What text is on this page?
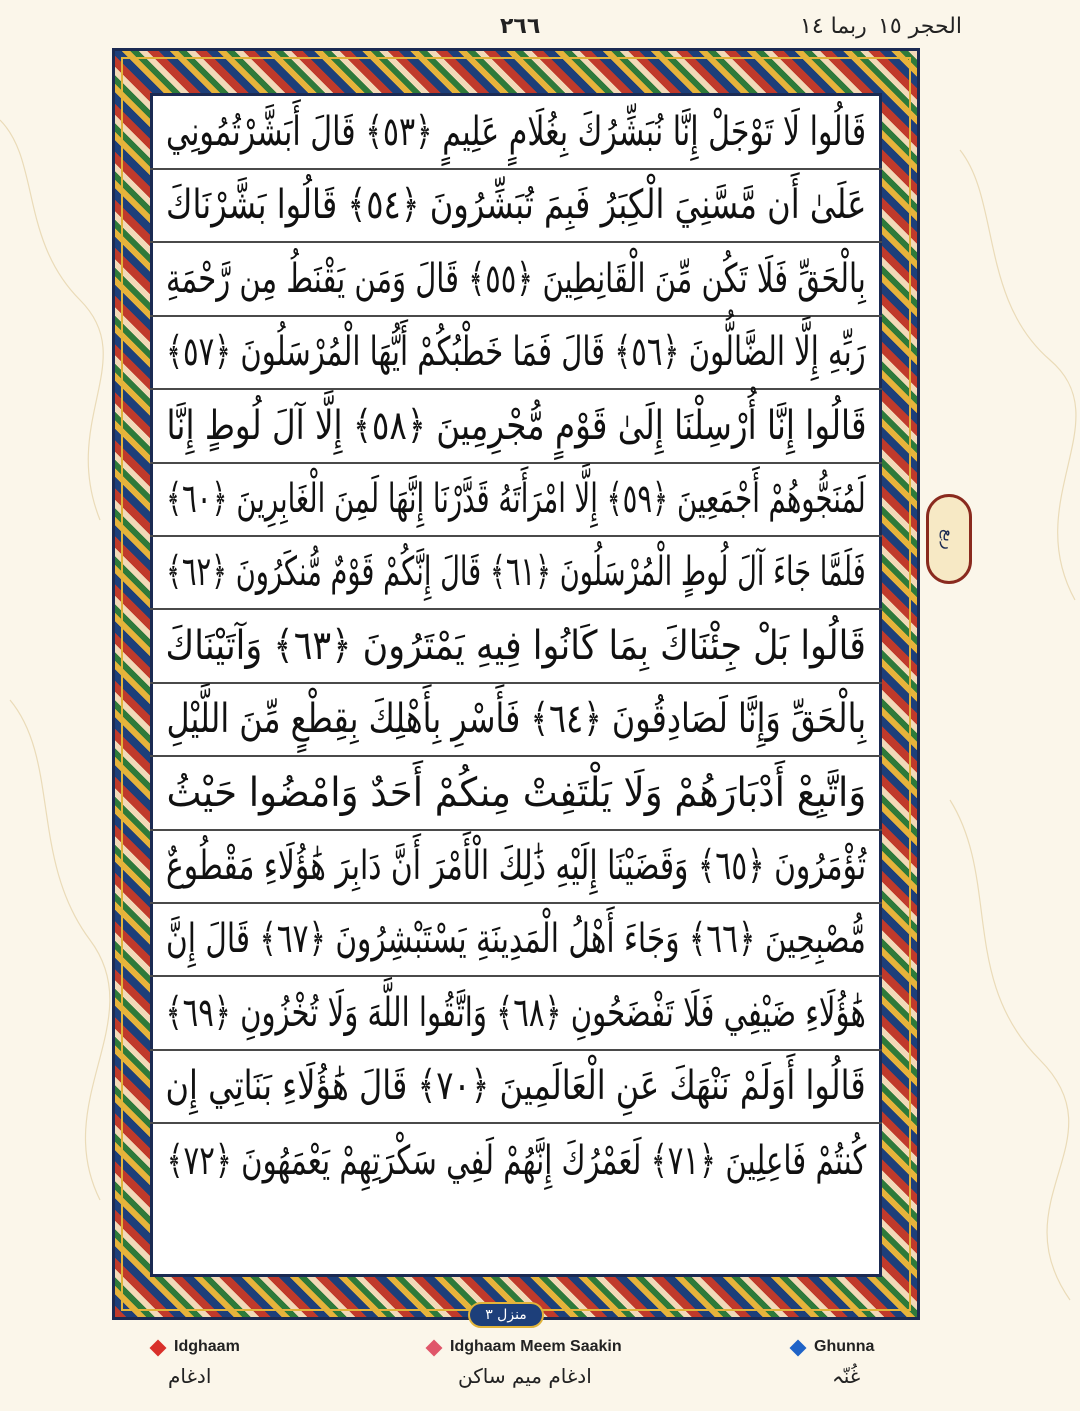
الحجر ١٥
٢٦٦	ربما ١٤
قَالُوا لَا تَوْجَلْ إِنَّا نُبَشِّرُكَ بِغُلَامٍ عَلِيمٍ ﴿٥٣﴾ قَالَ أَبَشَّرْتُمُونِي
عَلَىٰ أَن مَّسَّنِيَ الْكِبَرُ فَبِمَ تُبَشِّرُونَ ﴿٥٤﴾ قَالُوا بَشَّرْنَاكَ
بِالْحَقِّ فَلَا تَكُن مِّنَ الْقَانِطِينَ ﴿٥٥﴾ قَالَ وَمَن يَقْنَطُ مِن رَّحْمَةِ
رَبِّهِ إِلَّا الضَّالُّونَ ﴿٥٦﴾ قَالَ فَمَا خَطْبُكُمْ أَيُّهَا الْمُرْسَلُونَ ﴿٥٧﴾
قَالُوا إِنَّا أُرْسِلْنَا إِلَىٰ قَوْمٍ مُّجْرِمِينَ ﴿٥٨﴾ إِلَّا آلَ لُوطٍ إِنَّا
لَمُنَجُّوهُمْ أَجْمَعِينَ ﴿٥٩﴾ إِلَّا امْرَأَتَهُ قَدَّرْنَا إِنَّهَا لَمِنَ الْغَابِرِينَ ﴿٦٠﴾
فَلَمَّا جَاءَ آلَ لُوطٍ الْمُرْسَلُونَ ﴿٦١﴾ قَالَ إِنَّكُمْ قَوْمٌ مُّنكَرُونَ ﴿٦٢﴾
قَالُوا بَلْ جِئْنَاكَ بِمَا كَانُوا فِيهِ يَمْتَرُونَ ﴿٦٣﴾ وَآتَيْنَاكَ
بِالْحَقِّ وَإِنَّا لَصَادِقُونَ ﴿٦٤﴾ فَأَسْرِ بِأَهْلِكَ بِقِطْعٍ مِّنَ اللَّيْلِ
وَاتَّبِعْ أَدْبَارَهُمْ وَلَا يَلْتَفِتْ مِنكُمْ أَحَدٌ وَامْضُوا حَيْثُ
تُؤْمَرُونَ ﴿٦٥﴾ وَقَضَيْنَا إِلَيْهِ ذَٰلِكَ الْأَمْرَ أَنَّ دَابِرَ هَٰؤُلَاءِ مَقْطُوعٌ
مُّصْبِحِينَ ﴿٦٦﴾ وَجَاءَ أَهْلُ الْمَدِينَةِ يَسْتَبْشِرُونَ ﴿٦٧﴾ قَالَ إِنَّ
هَٰؤُلَاءِ ضَيْفِي فَلَا تَفْضَحُونِ ﴿٦٨﴾ وَاتَّقُوا اللَّهَ وَلَا تُخْزُونِ ﴿٦٩﴾
قَالُوا أَوَلَمْ نَنْهَكَ عَنِ الْعَالَمِينَ ﴿٧٠﴾ قَالَ هَٰؤُلَاءِ بَنَاتِي إِن
كُنتُمْ فَاعِلِينَ ﴿٧١﴾ لَعَمْرُكَ إِنَّهُمْ لَفِي سَكْرَتِهِمْ يَعْمَهُونَ ﴿٧٢﴾
ربع
منزل ٣
Idghaam
ادغام
Idghaam Meem Saakin
ادغام میم ساکن
Ghunna
غُنّہ
